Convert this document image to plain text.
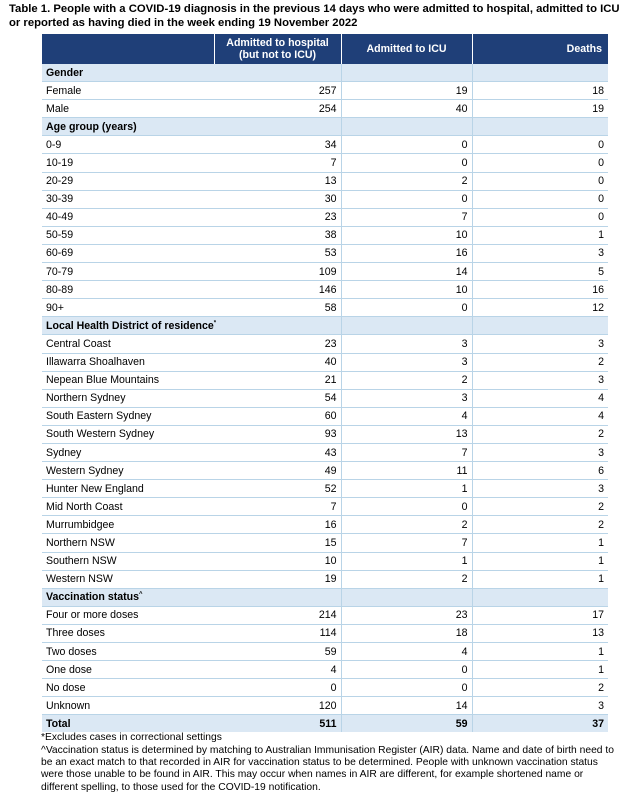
Table 1. People with a COVID-19 diagnosis in the previous 14 days who were admitted to hospital, admitted to ICU or reported as having died in the week ending 19 November 2022

	Admitted to hospital (but not to ICU)	Admitted to ICU	Deaths
Gender			
Female	257	19	18
Male	254	40	19
Age group (years)			
0-9	34	0	0
10-19	7	0	0
20-29	13	2	0
30-39	30	0	0
40-49	23	7	0
50-59	38	10	1
60-69	53	16	3
70-79	109	14	5
80-89	146	10	16
90+	58	0	12
Local Health District of residence*			
Central Coast	23	3	3
Illawarra Shoalhaven	40	3	2
Nepean Blue Mountains	21	2	3
Northern Sydney	54	3	4
South Eastern Sydney	60	4	4
South Western Sydney	93	13	2
Sydney	43	7	3
Western Sydney	49	11	6
Hunter New England	52	1	3
Mid North Coast	7	0	2
Murrumbidgee	16	2	2
Northern NSW	15	7	1
Southern NSW	10	1	1
Western NSW	19	2	1
Vaccination status^			
Four or more doses	214	23	17
Three doses	114	18	13
Two doses	59	4	1
One dose	4	0	1
No dose	0	0	2
Unknown	120	14	3
Total	511	59	37

*Excludes cases in correctional settings

^Vaccination status is determined by matching to Australian Immunisation Register (AIR) data. Name and date of birth need to be an exact match to that recorded in AIR for vaccination status to be determined. People with unknown vaccination status were those unable to be found in AIR. This may occur when names in AIR are different, for example shortened name or different spelling, to those used for the COVID-19 notification.
